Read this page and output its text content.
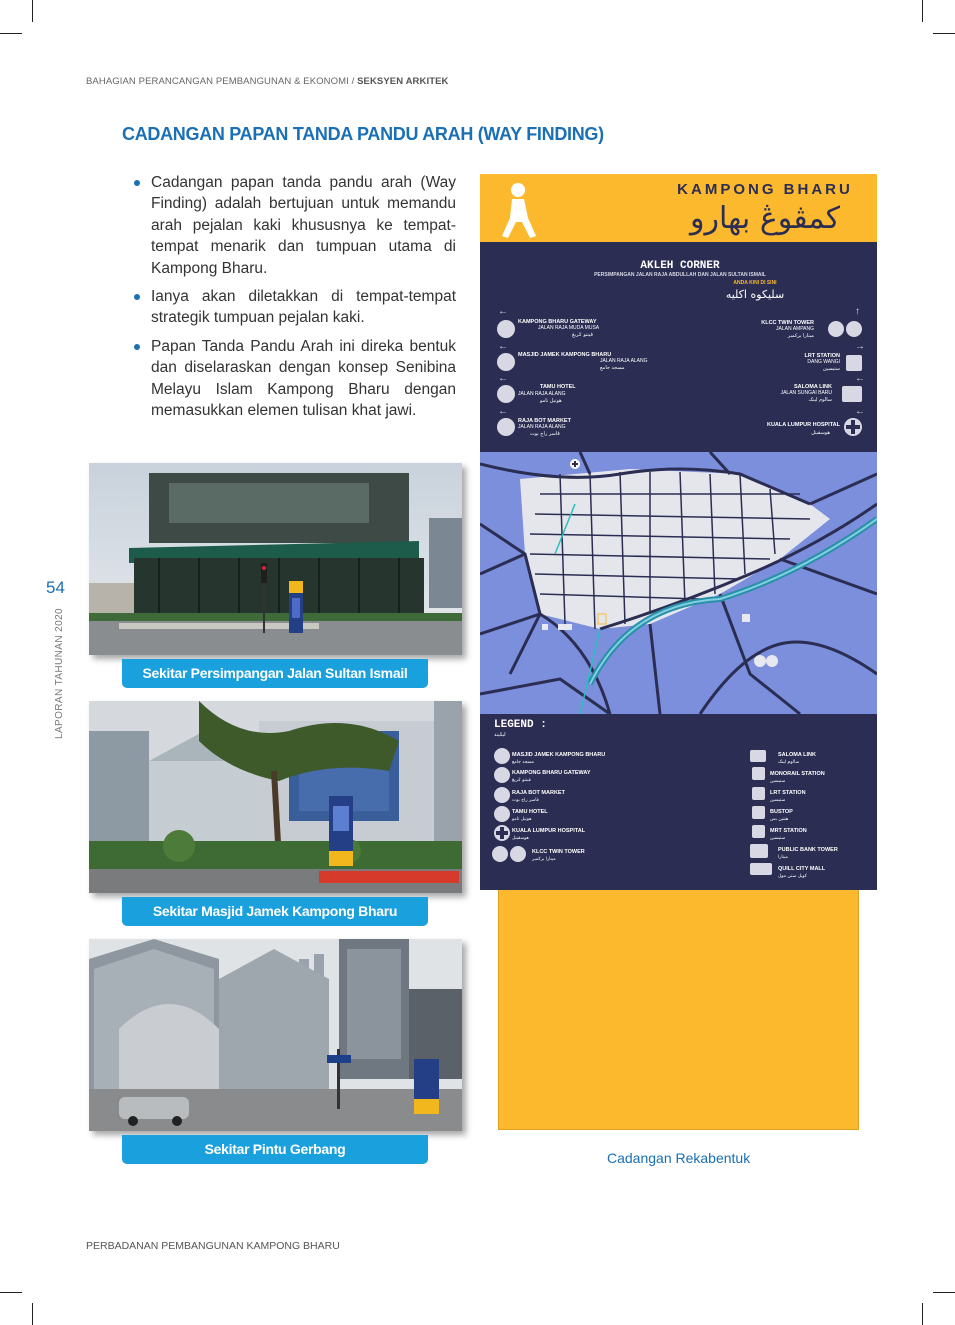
BAHAGIAN PERANCANGAN PEMBANGUNAN & EKONOMI / SEKSYEN ARKITEK
CADANGAN PAPAN TANDA PANDU ARAH (WAY FINDING)
Cadangan papan tanda pandu arah (Way Finding) adalah bertujuan untuk memandu arah pejalan kaki khususnya ke tempat-tempat menarik dan tumpuan utama di Kampong Bharu.
Ianya akan diletakkan di tempat-tempat strategik tumpuan pejalan kaki.
Papan Tanda Pandu Arah ini direka bentuk dan diselaraskan dengan konsep Senibina Melayu Islam Kampong Bharu dengan memasukkan elemen tulisan khat jawi.
54
LAPORAN TAHUNAN 2020	Sekitar Persimpangan Jalan Sultan Ismail
Sekitar Masjid Jamek Kampong Bharu
Sekitar Pintu Gerbang
KAMPONG BHARU
كمڤوڠ بهارو
AKLEH CORNER
PERSIMPANGAN JALAN RAJA ABDULLAH DAN JALAN SULTAN ISMAIL
ANDA KINI DI SINI
سليکوه اکليه
←
KAMPONG BHARU GATEWAY
JALAN RAJA MUDA MUSA
ڤينتو ݢربڠ
←
MASJID JAMEK KAMPONG BHARU
JALAN RAJA ALANG
مسجد جامع
←
TAMU HOTEL
JALAN RAJA ALANG
هوتيل تامو
←
RAJA BOT MARKET
JALAN RAJA ALANG
ڤاسر راج بوت
↑
KLCC TWIN TOWER
JALAN AMPANG
مينارا برکمبر
→
LRT STATION
DANG WANGI
ستيسين
←
SALOMA LINK
JALAN SUNGAI BARU
سالوم لينک
←
KUALA LUMPUR HOSPITAL
هوسڤيتل
LEGEND :
ليݢيند
MASJID JAMEK KAMPONG BHARU
مسجد جامع
KAMPONG BHARU GATEWAY
ڤينتو ݢربڠ
RAJA BOT MARKET
ڤاسر راج بوت
TAMU HOTEL
هوتيل تامو
KUALA LUMPUR HOSPITAL
هوسڤيتل
KLCC TWIN TOWER
مينارا برکمبر
SALOMA LINK
سالوم لينک
MONORAIL STATION
ستيسين
LRT STATION
ستيسين
BUSTOP
هنتين بس
MRT STATION
ستيسين
PUBLIC BANK TOWER
مينارا
QUILL CITY MALL
کويل ستي مول
Cadangan Rekabentuk
PERBADANAN PEMBANGUNAN KAMPONG BHARU
